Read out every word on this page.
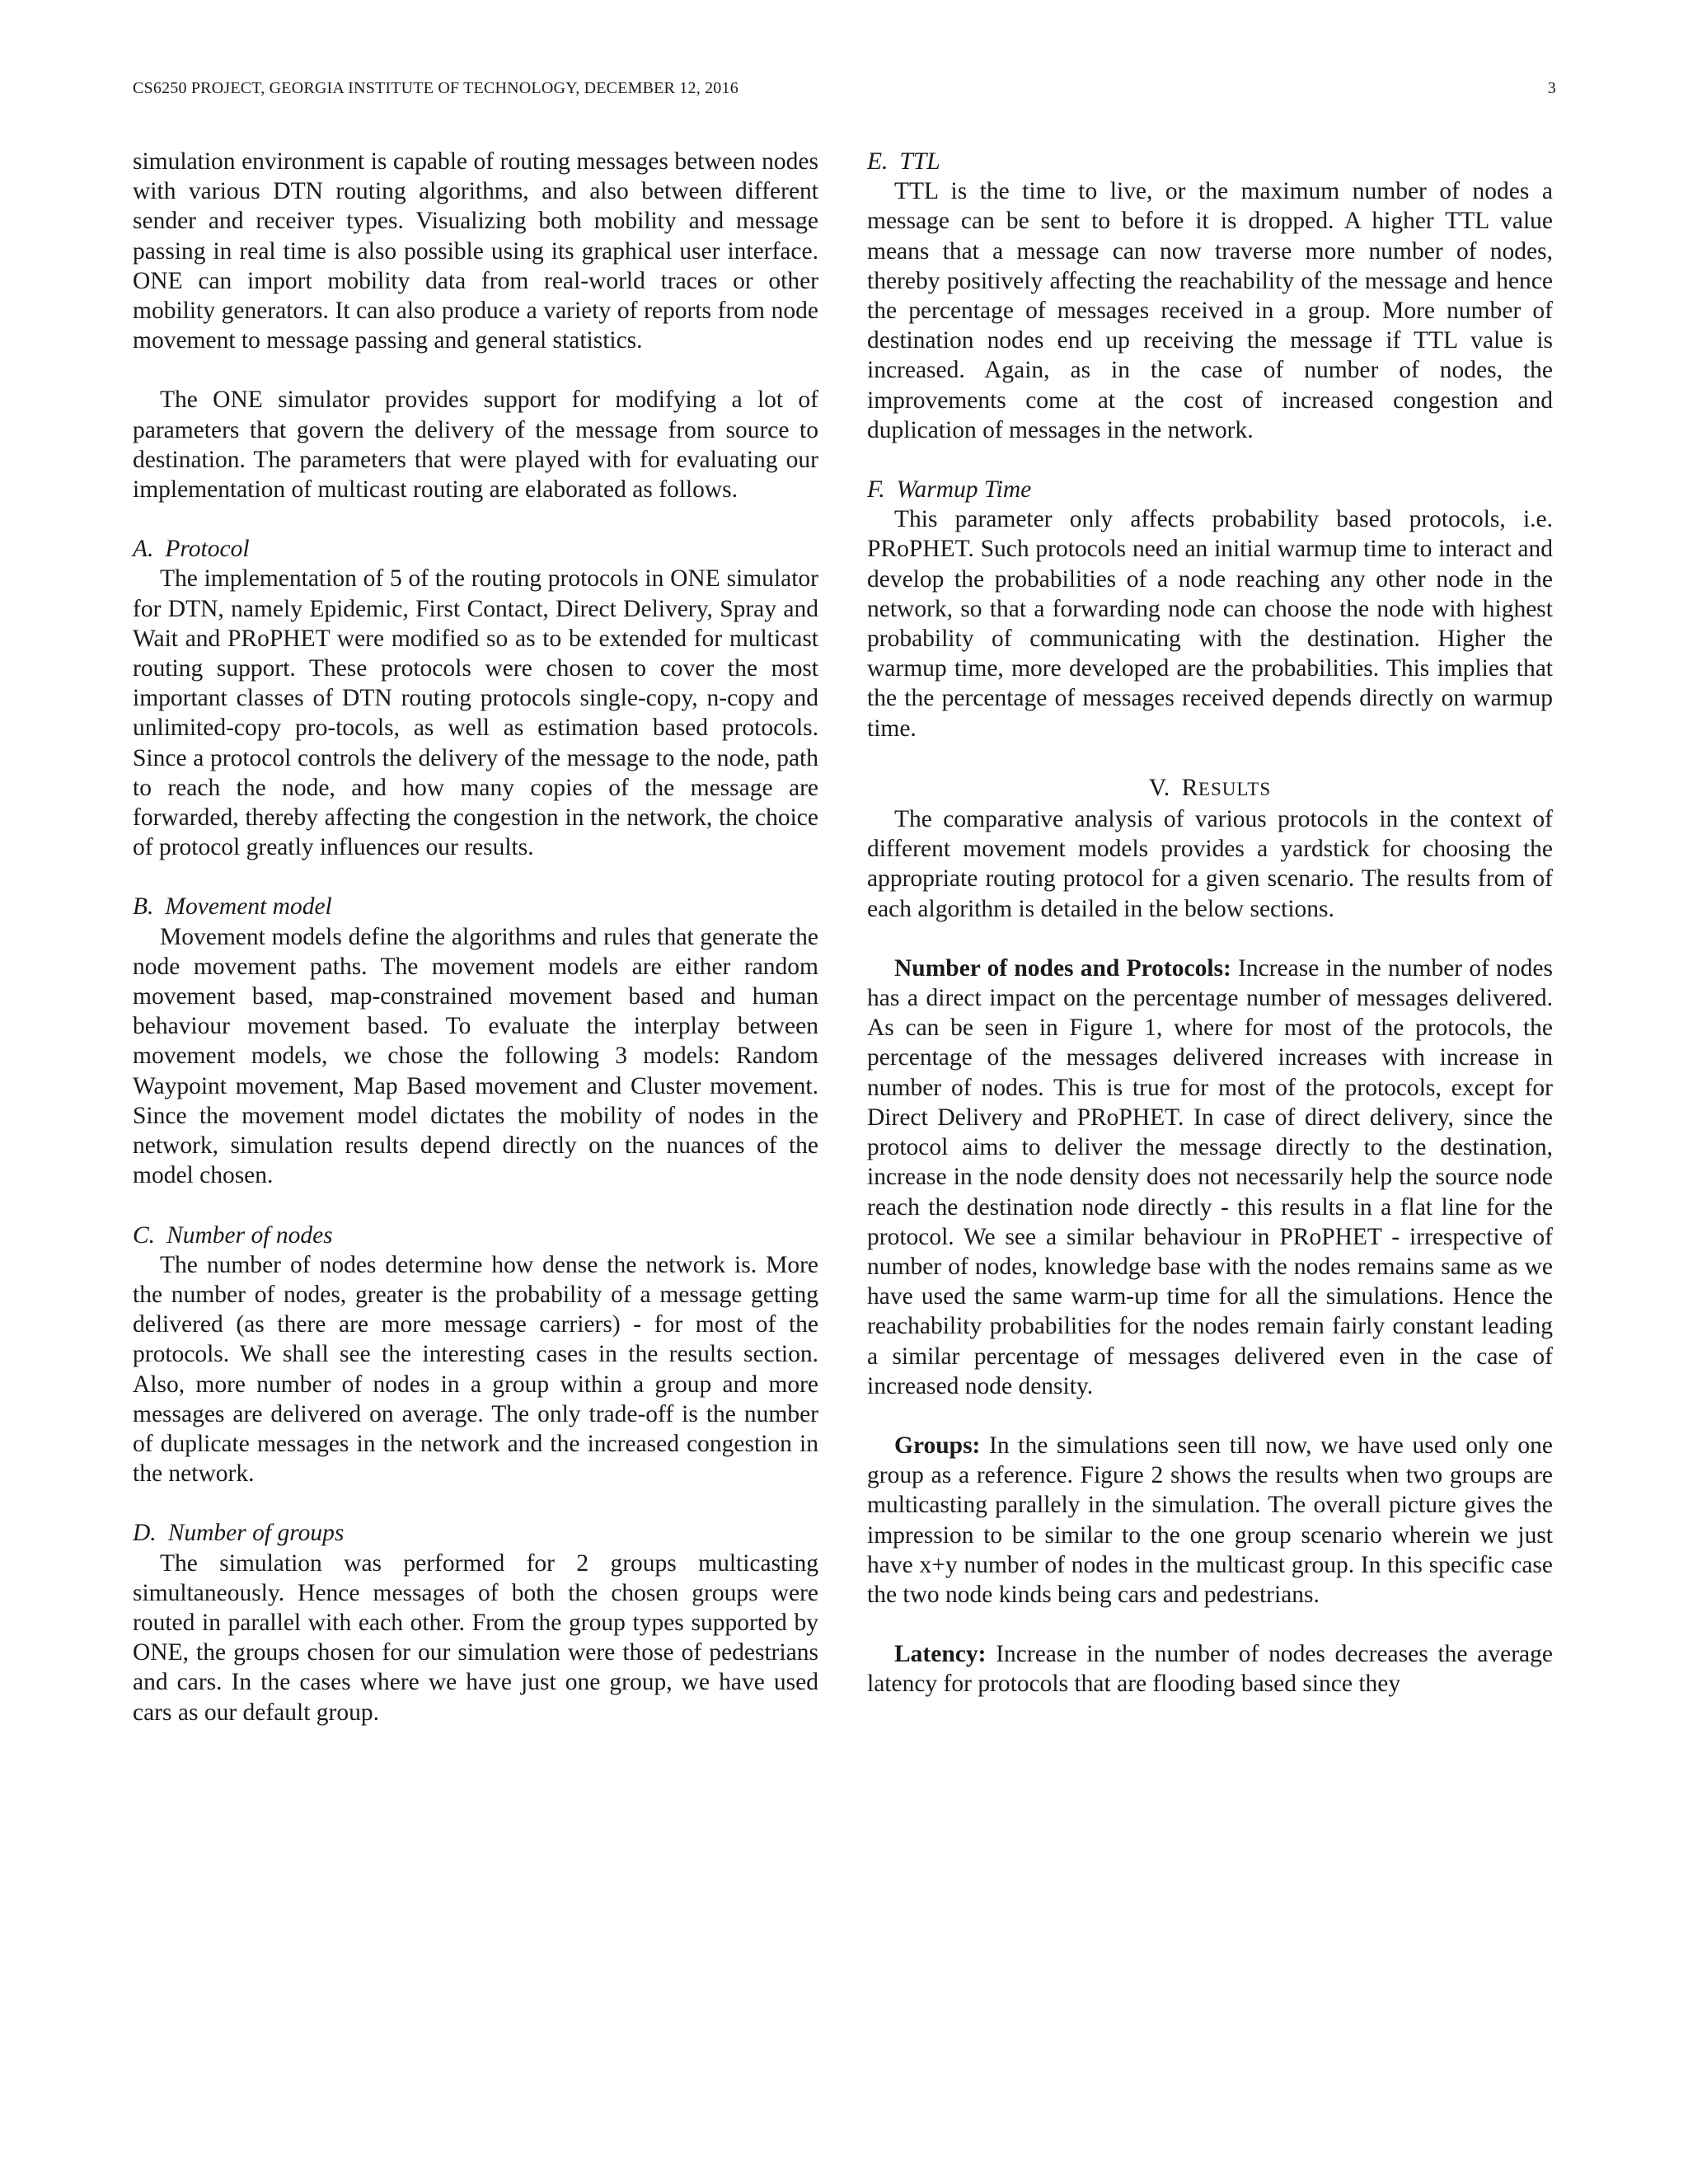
CS6250 PROJECT, GEORGIA INSTITUTE OF TECHNOLOGY, DECEMBER 12, 2016	3

simulation environment is capable of routing messages between nodes with various DTN routing algorithms, and also between different sender and receiver types. Visualizing both mobility and message passing in real time is also possible using its graphical user interface. ONE can import mobility data from real-world traces or other mobility generators. It can also produce a variety of reports from node movement to message passing and general statistics.

The ONE simulator provides support for modifying a lot of parameters that govern the delivery of the message from source to destination. The parameters that were played with for evaluating our implementation of multicast routing are elaborated as follows.

A. Protocol

The implementation of 5 of the routing protocols in ONE simulator for DTN, namely Epidemic, First Contact, Direct Delivery, Spray and Wait and PRoPHET were modified so as to be extended for multicast routing support. These protocols were chosen to cover the most important classes of DTN routing protocols single-copy, n-copy and unlimited-copy pro-tocols, as well as estimation based protocols. Since a protocol controls the delivery of the message to the node, path to reach the node, and how many copies of the message are forwarded, thereby affecting the congestion in the network, the choice of protocol greatly influences our results.

B. Movement model

Movement models define the algorithms and rules that generate the node movement paths. The movement models are either random movement based, map-constrained movement based and human behaviour movement based. To evaluate the interplay between movement models, we chose the following 3 models: Random Waypoint movement, Map Based movement and Cluster movement. Since the movement model dictates the mobility of nodes in the network, simulation results depend directly on the nuances of the model chosen.

C. Number of nodes

The number of nodes determine how dense the network is. More the number of nodes, greater is the probability of a message getting delivered (as there are more message carriers) - for most of the protocols. We shall see the interesting cases in the results section. Also, more number of nodes in a group within a group and more messages are delivered on average. The only trade-off is the number of duplicate messages in the network and the increased congestion in the network.

D. Number of groups

The simulation was performed for 2 groups multicasting simultaneously. Hence messages of both the chosen groups were routed in parallel with each other. From the group types supported by ONE, the groups chosen for our simulation were those of pedestrians and cars. In the cases where we have just one group, we have used cars as our default group.

E. TTL

TTL is the time to live, or the maximum number of nodes a message can be sent to before it is dropped. A higher TTL value means that a message can now traverse more number of nodes, thereby positively affecting the reachability of the message and hence the percentage of messages received in a group. More number of destination nodes end up receiving the message if TTL value is increased. Again, as in the case of number of nodes, the improvements come at the cost of increased congestion and duplication of messages in the network.

F. Warmup Time

This parameter only affects probability based protocols, i.e. PRoPHET. Such protocols need an initial warmup time to interact and develop the probabilities of a node reaching any other node in the network, so that a forwarding node can choose the node with highest probability of communicating with the destination. Higher the warmup time, more developed are the probabilities. This implies that the the percentage of messages received depends directly on warmup time.

V. RESULTS

The comparative analysis of various protocols in the context of different movement models provides a yardstick for choosing the appropriate routing protocol for a given scenario. The results from of each algorithm is detailed in the below sections.

Number of nodes and Protocols: Increase in the number of nodes has a direct impact on the percentage number of messages delivered. As can be seen in Figure 1, where for most of the protocols, the percentage of the messages delivered increases with increase in number of nodes. This is true for most of the protocols, except for Direct Delivery and PRoPHET. In case of direct delivery, since the protocol aims to deliver the message directly to the destination, increase in the node density does not necessarily help the source node reach the destination node directly - this results in a flat line for the protocol. We see a similar behaviour in PRoPHET - irrespective of number of nodes, knowledge base with the nodes remains same as we have used the same warm-up time for all the simulations. Hence the reachability probabilities for the nodes remain fairly constant leading a similar percentage of messages delivered even in the case of increased node density.

Groups: In the simulations seen till now, we have used only one group as a reference. Figure 2 shows the results when two groups are multicasting parallely in the simulation. The overall picture gives the impression to be similar to the one group scenario wherein we just have x+y number of nodes in the multicast group. In this specific case the two node kinds being cars and pedestrians.

Latency: Increase in the number of nodes decreases the average latency for protocols that are flooding based since they
